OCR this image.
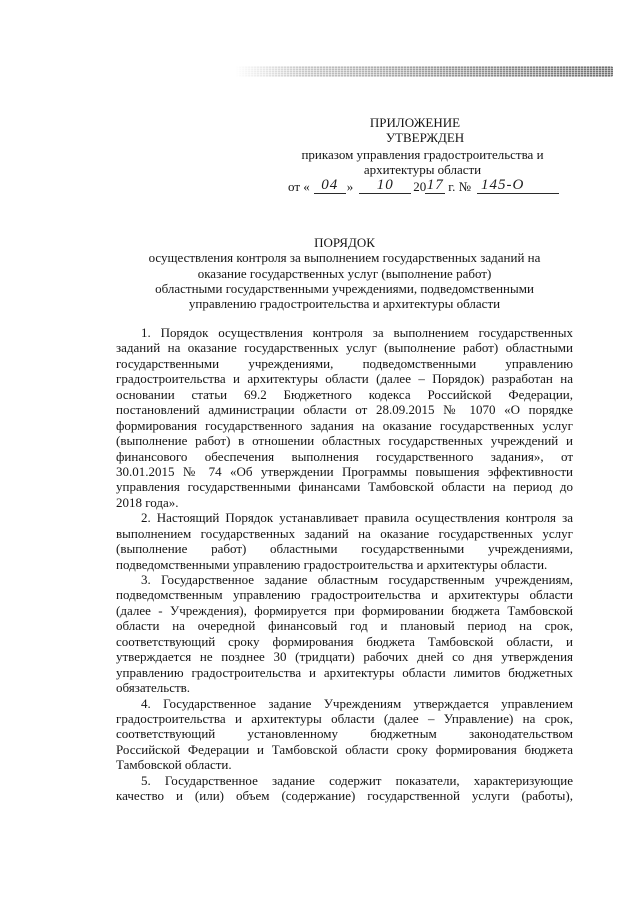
ПРИЛОЖЕНИЕ
УТВЕРЖДЕН
приказом управления градостроительства и
архитектуры области
от « 04 »	10	20 17 г. № 145-О
ПОРЯДОК
осуществления контроля за выполнением государственных заданий на
оказание государственных услуг (выполнение работ)
областными государственными учреждениями, подведомственными
управлению градостроительства и архитектуры области
1. Порядок осуществления контроля за выполнением государственных
заданий на оказание государственных услуг (выполнение работ) областными
государственными учреждениями, подведомственными управлению
градостроительства и архитектуры области (далее – Порядок) разработан на
основании статьи 69.2 Бюджетного кодекса Российской Федерации,
постановлений администрации области от 28.09.2015 № 1070 «О порядке
формирования государственного задания на оказание государственных услуг
(выполнение работ) в отношении областных государственных учреждений и
финансового обеспечения выполнения государственного задания», от
30.01.2015 № 74 «Об утверждении Программы повышения эффективности
управления государственными финансами Тамбовской области на период до
2018 года».
2. Настоящий Порядок устанавливает правила осуществления контроля за
выполнением государственных заданий на оказание государственных услуг
(выполнение работ) областными государственными учреждениями,
подведомственными управлению градостроительства и архитектуры области.
3. Государственное задание областным государственным учреждениям,
подведомственным управлению градостроительства и архитектуры области
(далее - Учреждения), формируется при формировании бюджета Тамбовской
области на очередной финансовый год и плановый период на срок,
соответствующий сроку формирования бюджета Тамбовской области, и
утверждается не позднее 30 (тридцати) рабочих дней со дня утверждения
управлению градостроительства и архитектуры области лимитов бюджетных
обязательств.
4. Государственное задание Учреждениям утверждается управлением
градостроительства и архитектуры области (далее – Управление) на срок,
соответствующий установленному бюджетным законодательством
Российской Федерации и Тамбовской области сроку формирования бюджета
Тамбовской области.
5. Государственное задание содержит показатели, характеризующие
качество и (или) объем (содержание) государственной услуги (работы),
